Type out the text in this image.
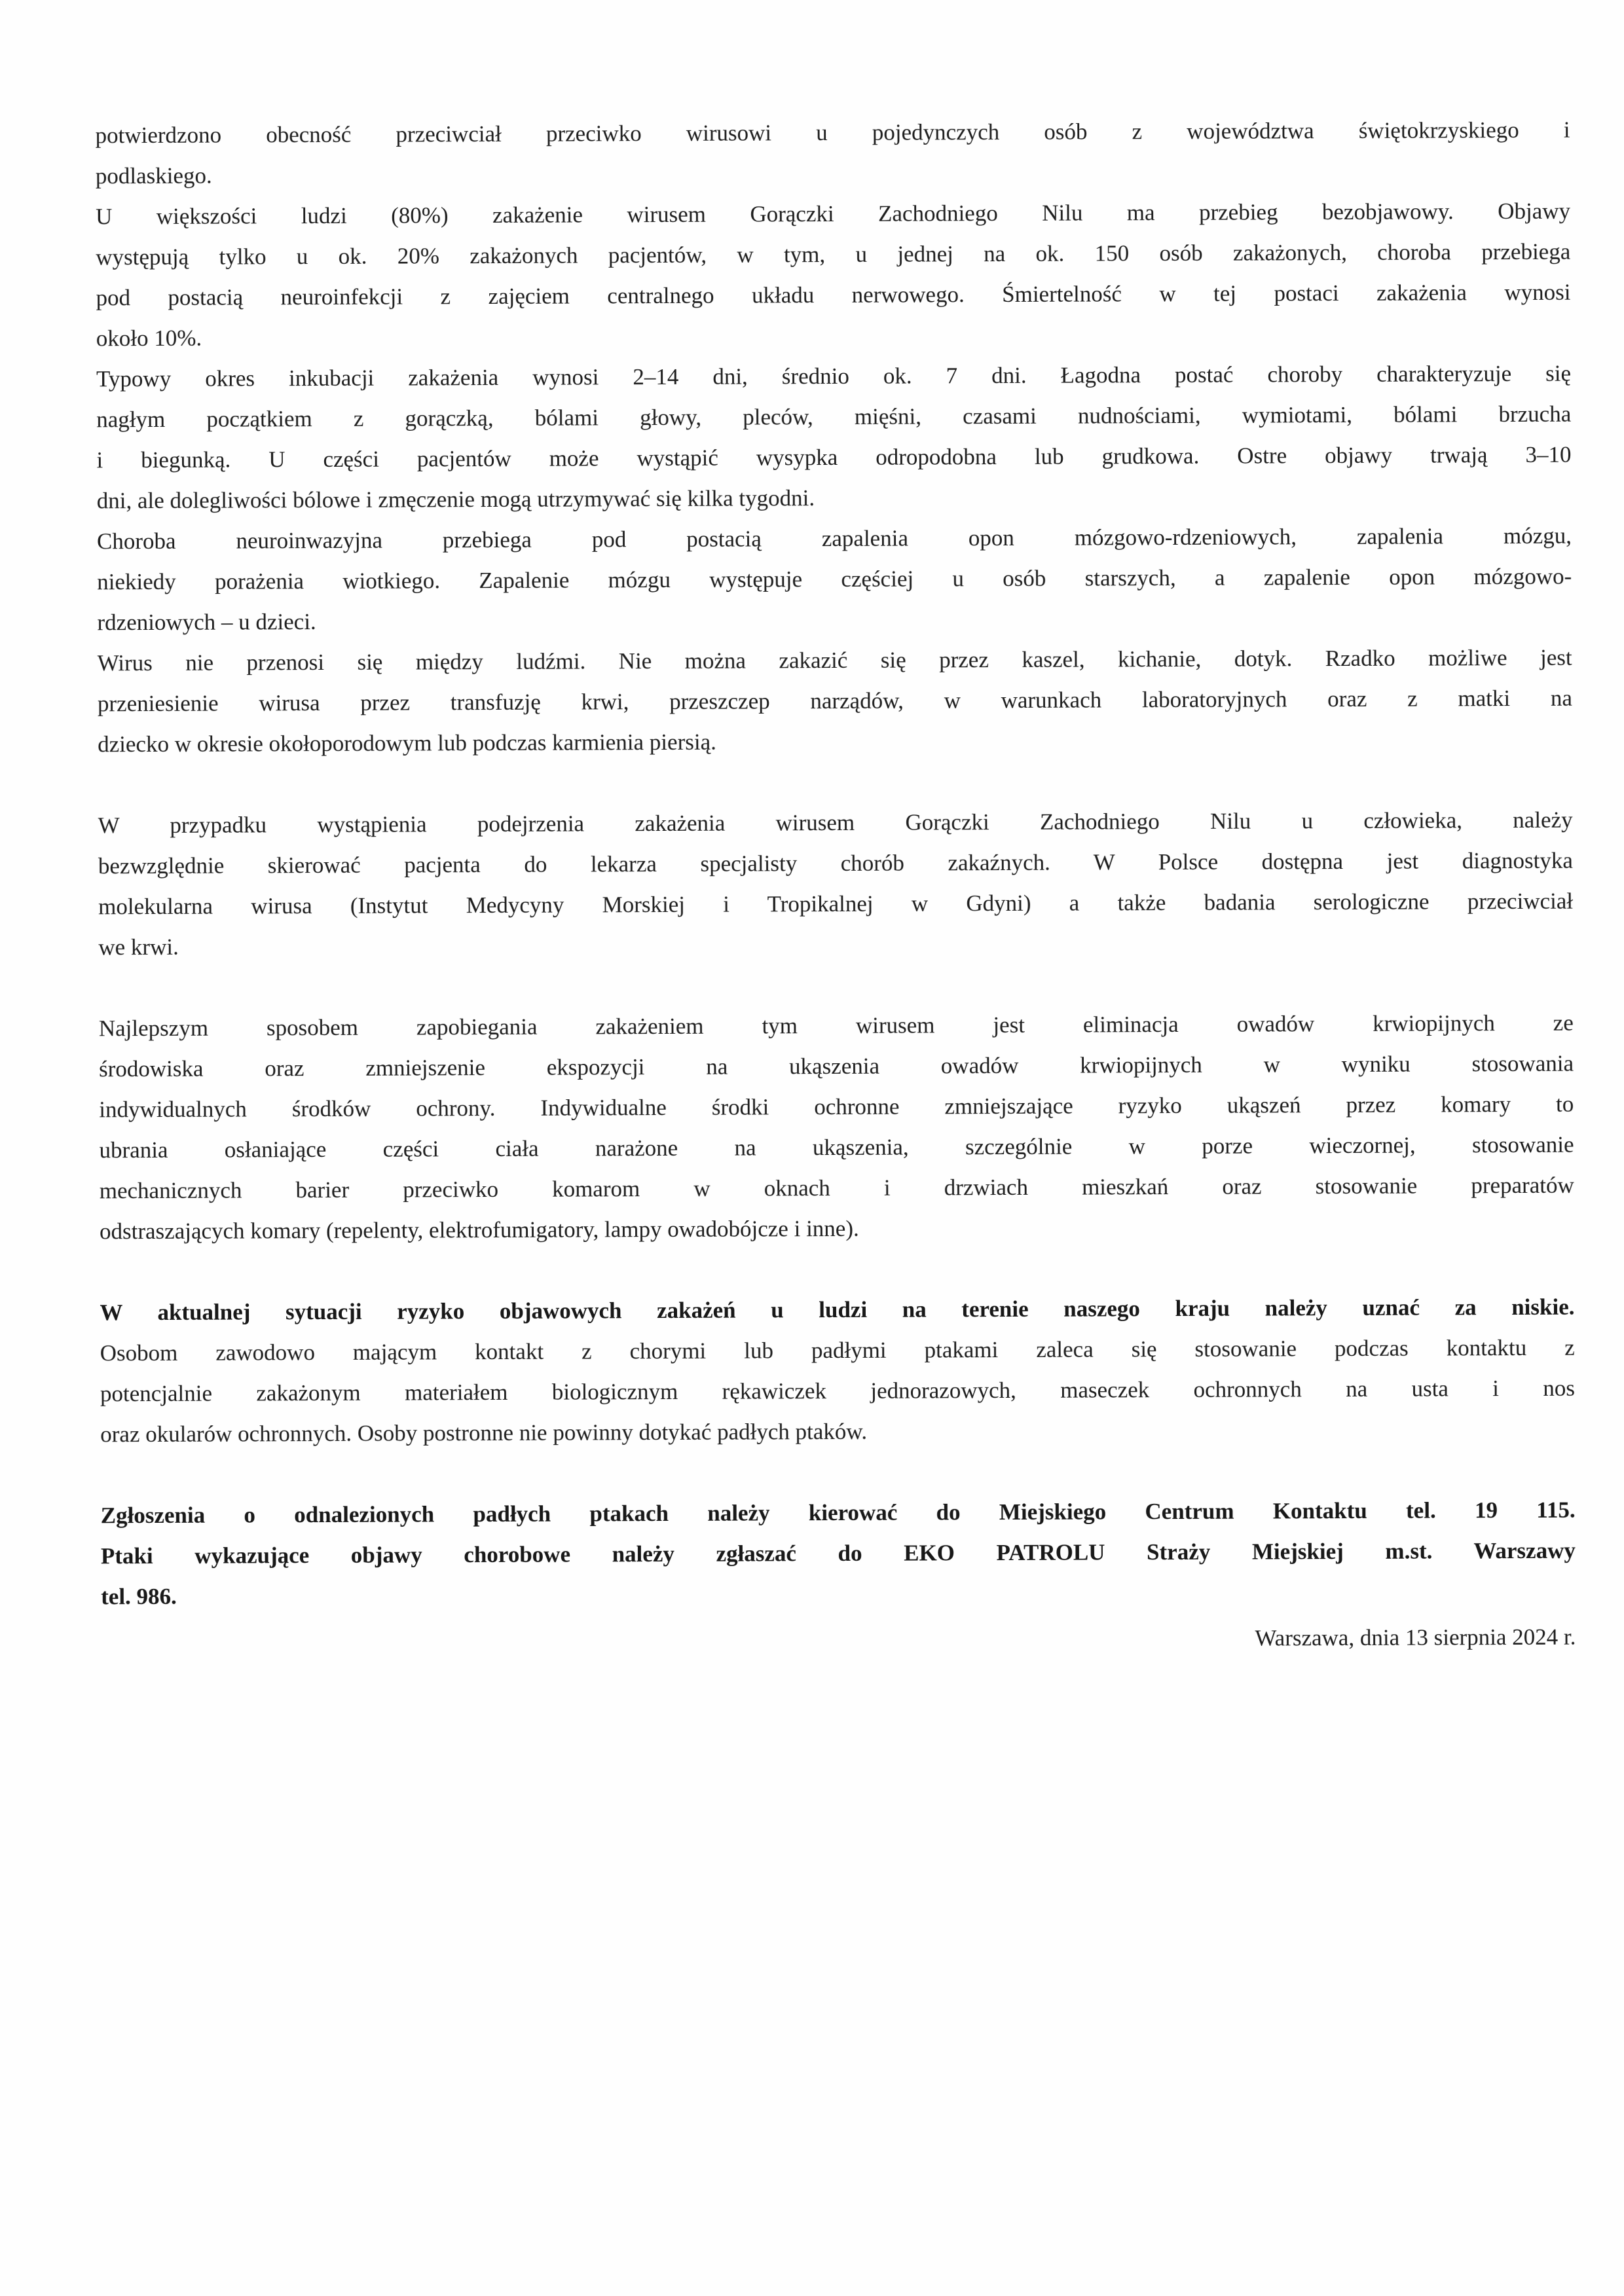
potwierdzono obecność przeciwciał przeciwko wirusowi u pojedynczych osób z województwa świętokrzyskiego i
podlaskiego.
U większości ludzi (80%) zakażenie wirusem Gorączki Zachodniego Nilu ma przebieg bezobjawowy. Objawy
występują tylko u ok. 20% zakażonych pacjentów, w tym, u jednej na ok. 150 osób zakażonych, choroba przebiega
pod postacią neuroinfekcji z zajęciem centralnego układu nerwowego. Śmiertelność w tej postaci zakażenia wynosi
około 10%.
Typowy okres inkubacji zakażenia wynosi 2–14 dni, średnio ok. 7 dni. Łagodna postać choroby charakteryzuje się
nagłym początkiem z gorączką, bólami głowy, pleców, mięśni, czasami nudnościami, wymiotami, bólami brzucha
i biegunką. U części pacjentów może wystąpić wysypka odropodobna lub grudkowa. Ostre objawy trwają 3–10
dni, ale dolegliwości bólowe i zmęczenie mogą utrzymywać się kilka tygodni.
Choroba neuroinwazyjna przebiega pod postacią zapalenia opon mózgowo-rdzeniowych, zapalenia mózgu,
niekiedy porażenia wiotkiego. Zapalenie mózgu występuje częściej u osób starszych, a zapalenie opon mózgowo-
rdzeniowych – u dzieci.
Wirus nie przenosi się między ludźmi. Nie można zakazić się przez kaszel, kichanie, dotyk. Rzadko możliwe jest
przeniesienie wirusa przez transfuzję krwi, przeszczep narządów, w warunkach laboratoryjnych oraz z matki na
dziecko w okresie okołoporodowym lub podczas karmienia piersią.
W przypadku wystąpienia podejrzenia zakażenia wirusem Gorączki Zachodniego Nilu u człowieka, należy
bezwzględnie skierować pacjenta do lekarza specjalisty chorób zakaźnych. W Polsce dostępna jest diagnostyka
molekularna wirusa (Instytut Medycyny Morskiej i Tropikalnej w Gdyni) a także badania serologiczne przeciwciał
we krwi.
Najlepszym sposobem zapobiegania zakażeniem tym wirusem jest eliminacja owadów krwiopijnych ze
środowiska oraz zmniejszenie ekspozycji na ukąszenia owadów krwiopijnych w wyniku stosowania
indywidualnych środków ochrony. Indywidualne środki ochronne zmniejszające ryzyko ukąszeń przez komary to
ubrania osłaniające części ciała narażone na ukąszenia, szczególnie w porze wieczornej, stosowanie
mechanicznych barier przeciwko komarom w oknach i drzwiach mieszkań oraz stosowanie preparatów
odstraszających komary (repelenty, elektrofumigatory, lampy owadobójcze i inne).
W aktualnej sytuacji ryzyko objawowych zakażeń u ludzi na terenie naszego kraju należy uznać za niskie.
Osobom zawodowo mającym kontakt z chorymi lub padłymi ptakami zaleca się stosowanie podczas kontaktu z
potencjalnie zakażonym materiałem biologicznym rękawiczek jednorazowych, maseczek ochronnych na usta i nos
oraz okularów ochronnych. Osoby postronne nie powinny dotykać padłych ptaków.
Zgłoszenia o odnalezionych padłych ptakach należy kierować do Miejskiego Centrum Kontaktu tel. 19 115.
Ptaki wykazujące objawy chorobowe należy zgłaszać do EKO PATROLU Straży Miejskiej m.st. Warszawy
tel. 986.
Warszawa, dnia 13 sierpnia 2024 r.
